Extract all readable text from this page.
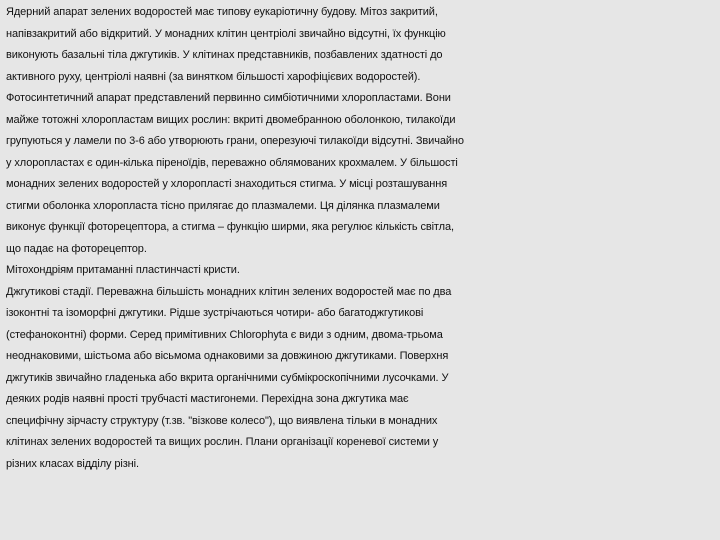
Ядерний апарат зелених водоростей має типову еукаріотичну будову. Мітоз закритий,
напівзакритий або відкритий. У монадних клітин центріолі звичайно відсутні, їх функцію
виконують базальні тіла джгутиків. У клітинах представників, позбавлених здатності до
активного руху, центріолі наявні (за винятком більшості харофіцієвих водоростей).
Фотосинтетичний апарат представлений первинно симбіотичними хлоропластами. Вони
майже тотожні хлоропластам вищих рослин: вкриті двомебранною оболонкою, тилакоїди
групуються у ламели по 3-6 або утворюють грани, оперезуючі тилакоїди відсутні. Звичайно
у хлоропластах є один-кілька піреноїдів, переважно облямованих крохмалем. У більшості
монадних зелених водоростей у хлоропласті знаходиться стигма. У місці розташування
стигми оболонка хлоропласта тісно прилягає до плазмалеми. Ця ділянка плазмалеми
виконує функції фоторецептора, а стигма – функцію ширми, яка регулює кількість світла,
що падає на фоторецептор.
Мітохондріям притаманні пластинчасті кристи.
Джгутикові стадії. Переважна більшість монадних клітин зелених водоростей має по два
ізоконтні та ізоморфні джгутики. Рідше зустрічаються чотири- або багатоджгутикові
(стефаноконтні) форми. Серед примітивних Chlorophyta є види з одним, двома-трьома
неоднаковими, шістьома або вісьмома однаковими за довжиною джгутиками. Поверхня
джгутиків звичайно гладенька або вкрита органічними субмікроскопічними лусочками. У
деяких родів наявні прості трубчасті мастигонеми. Перехідна зона джгутика має
специфічну зірчасту структуру (т.зв. "візкове колесо"), що виявлена тільки в монадних
клітинах зелених водоростей та вищих рослин. Плани організації кореневої системи у
різних класах відділу різні.
